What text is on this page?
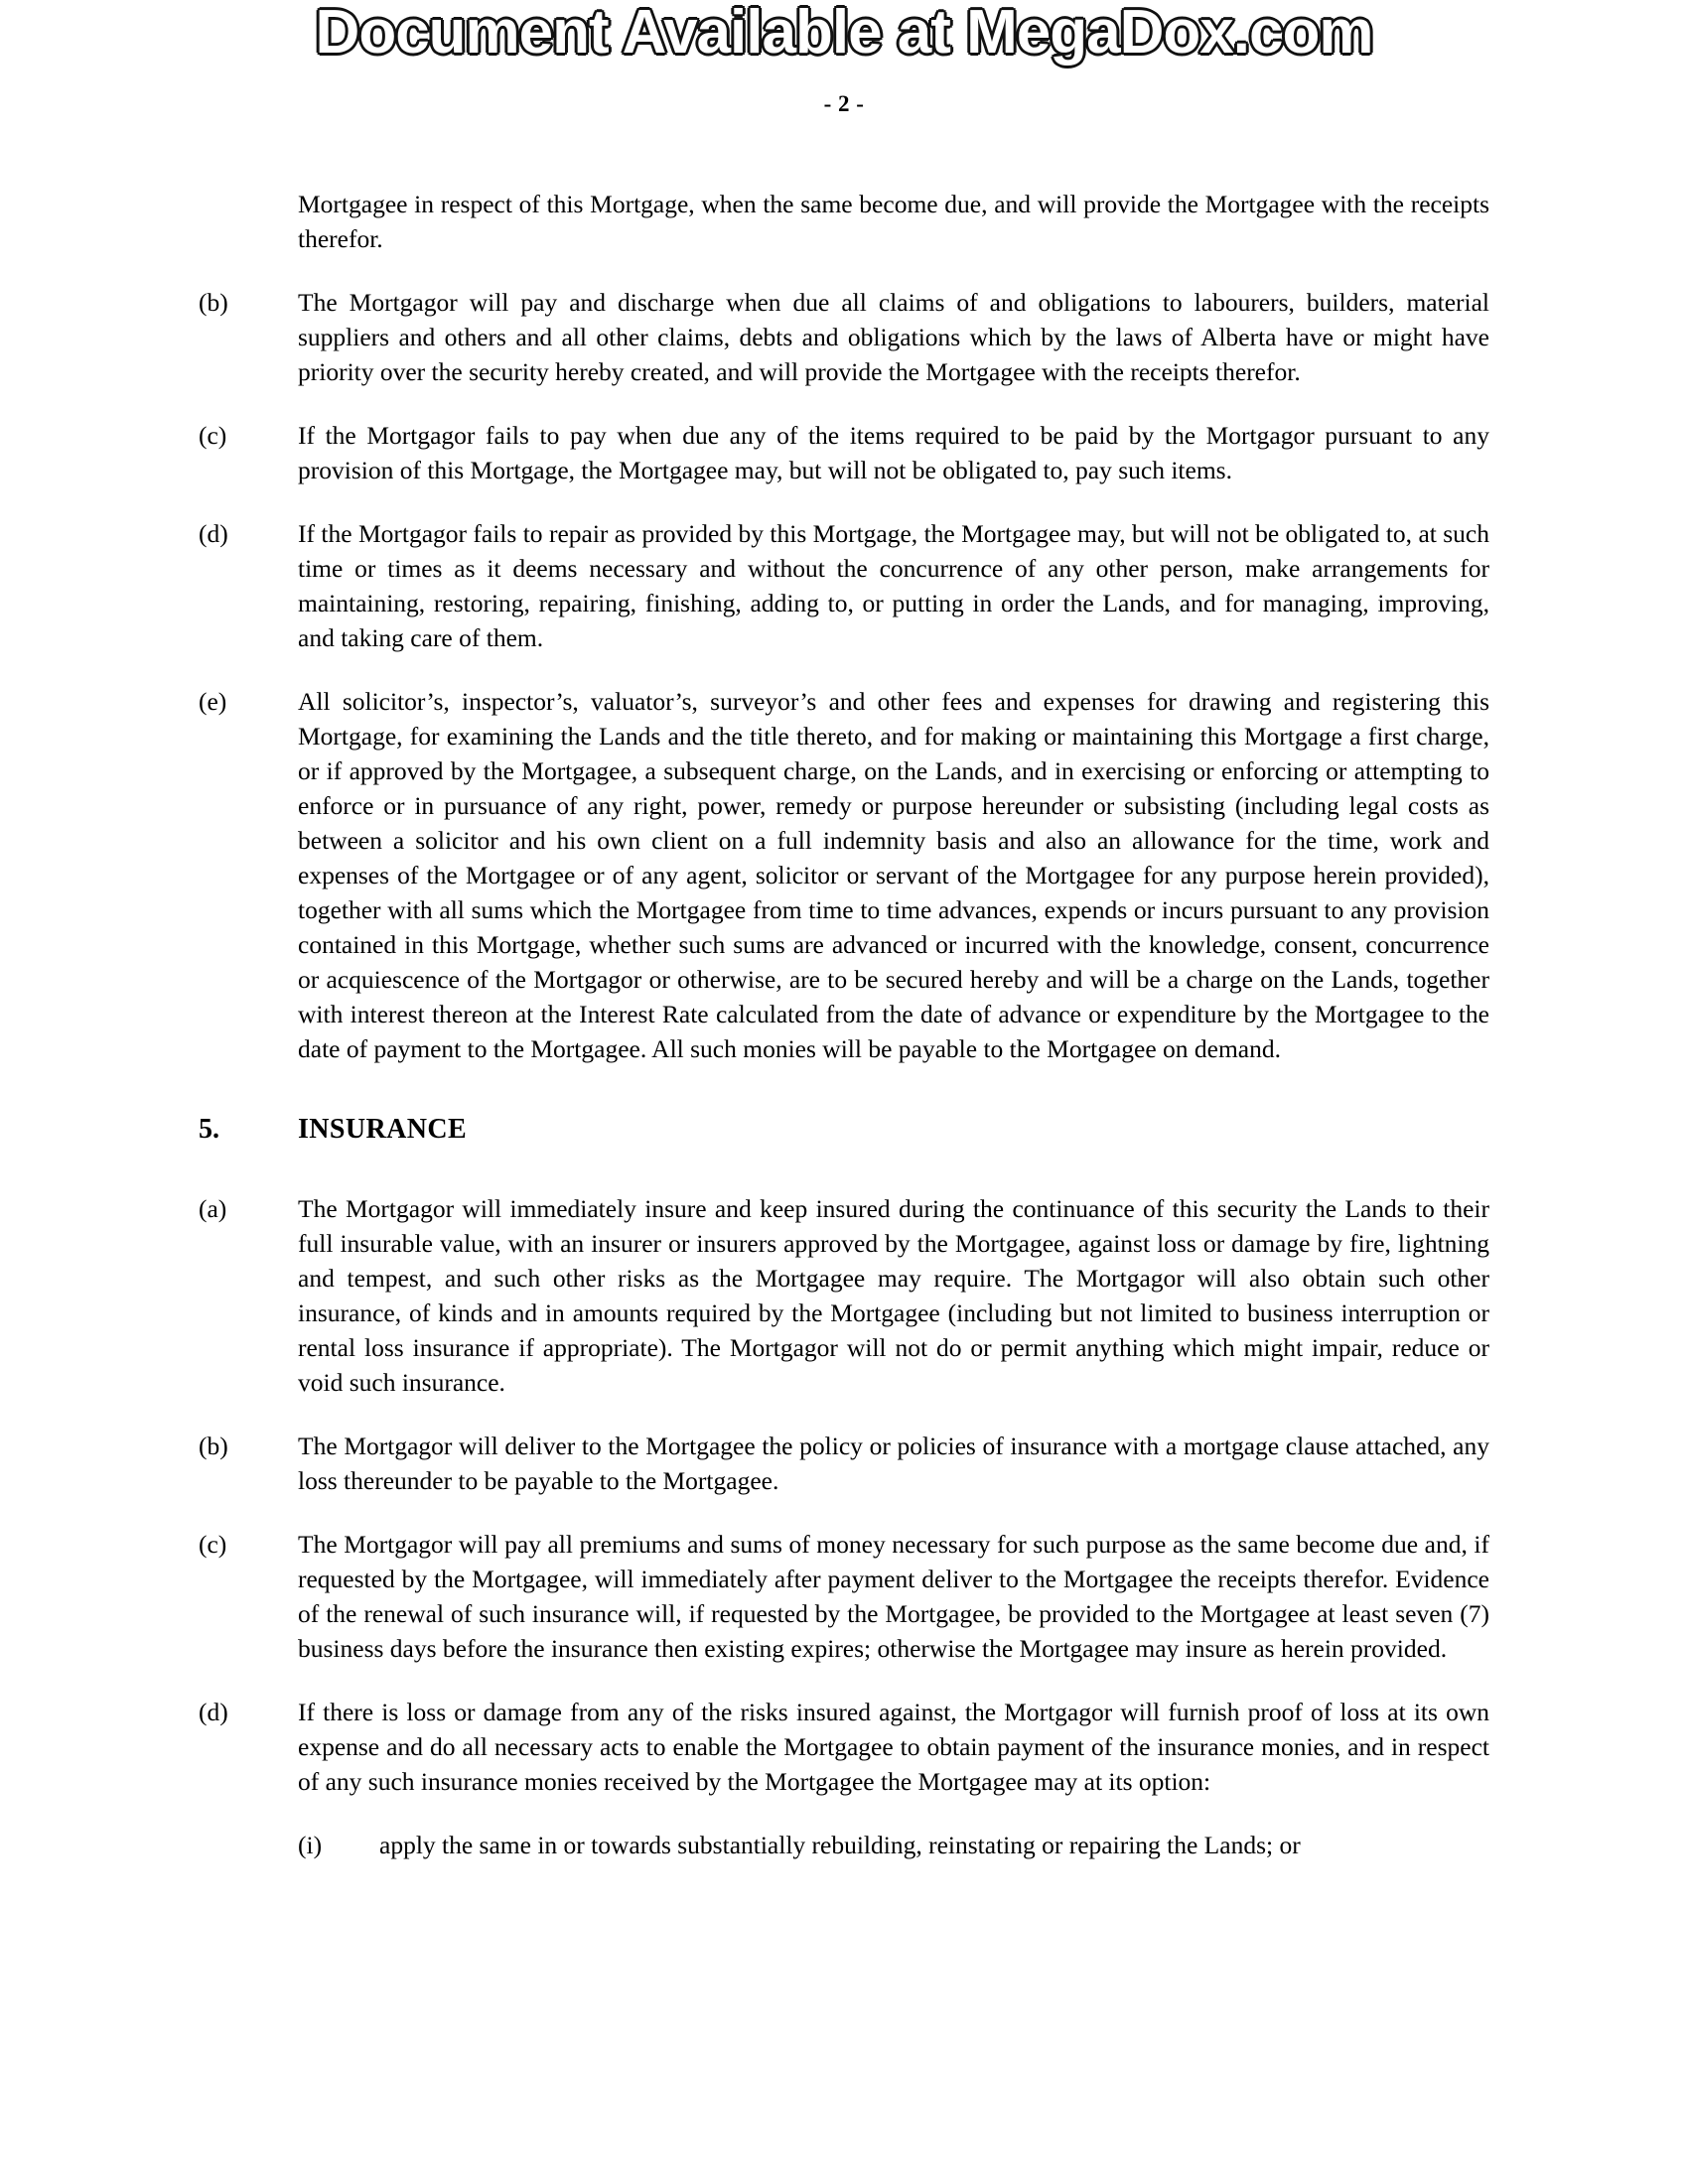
Document Available at MegaDox.com
- 2 -
Mortgagee in respect of this Mortgage, when the same become due, and will provide the Mortgagee with the receipts therefor.
(b)	The Mortgagor will pay and discharge when due all claims of and obligations to labourers, builders, material suppliers and others and all other claims, debts and obligations which by the laws of Alberta have or might have priority over the security hereby created, and will provide the Mortgagee with the receipts therefor.
(c)	If the Mortgagor fails to pay when due any of the items required to be paid by the Mortgagor pursuant to any provision of this Mortgage, the Mortgagee may, but will not be obligated to, pay such items.
(d)	If the Mortgagor fails to repair as provided by this Mortgage, the Mortgagee may, but will not be obligated to, at such time or times as it deems necessary and without the concurrence of any other person, make arrangements for maintaining, restoring, repairing, finishing, adding to, or putting in order the Lands, and for managing, improving, and taking care of them.
(e)	All solicitor’s, inspector’s, valuator’s, surveyor’s and other fees and expenses for drawing and registering this Mortgage, for examining the Lands and the title thereto, and for making or maintaining this Mortgage a first charge, or if approved by the Mortgagee, a subsequent charge, on the Lands, and in exercising or enforcing or attempting to enforce or in pursuance of any right, power, remedy or purpose hereunder or subsisting (including legal costs as between a solicitor and his own client on a full indemnity basis and also an allowance for the time, work and expenses of the Mortgagee or of any agent, solicitor or servant of the Mortgagee for any purpose herein provided), together with all sums which the Mortgagee from time to time advances, expends or incurs pursuant to any provision contained in this Mortgage, whether such sums are advanced or incurred with the knowledge, consent, concurrence or acquiescence of the Mortgagor or otherwise, are to be secured hereby and will be a charge on the Lands, together with interest thereon at the Interest Rate calculated from the date of advance or expenditure by the Mortgagee to the date of payment to the Mortgagee. All such monies will be payable to the Mortgagee on demand.
5.	INSURANCE
(a)	The Mortgagor will immediately insure and keep insured during the continuance of this security the Lands to their full insurable value, with an insurer or insurers approved by the Mortgagee, against loss or damage by fire, lightning and tempest, and such other risks as the Mortgagee may require. The Mortgagor will also obtain such other insurance, of kinds and in amounts required by the Mortgagee (including but not limited to business interruption or rental loss insurance if appropriate). The Mortgagor will not do or permit anything which might impair, reduce or void such insurance.
(b)	The Mortgagor will deliver to the Mortgagee the policy or policies of insurance with a mortgage clause attached, any loss thereunder to be payable to the Mortgagee.
(c)	The Mortgagor will pay all premiums and sums of money necessary for such purpose as the same become due and, if requested by the Mortgagee, will immediately after payment deliver to the Mortgagee the receipts therefor. Evidence of the renewal of such insurance will, if requested by the Mortgagee, be provided to the Mortgagee at least seven (7) business days before the insurance then existing expires; otherwise the Mortgagee may insure as herein provided.
(d)	If there is loss or damage from any of the risks insured against, the Mortgagor will furnish proof of loss at its own expense and do all necessary acts to enable the Mortgagee to obtain payment of the insurance monies, and in respect of any such insurance monies received by the Mortgagee the Mortgagee may at its option:
(i)	apply the same in or towards substantially rebuilding, reinstating or repairing the Lands; or
